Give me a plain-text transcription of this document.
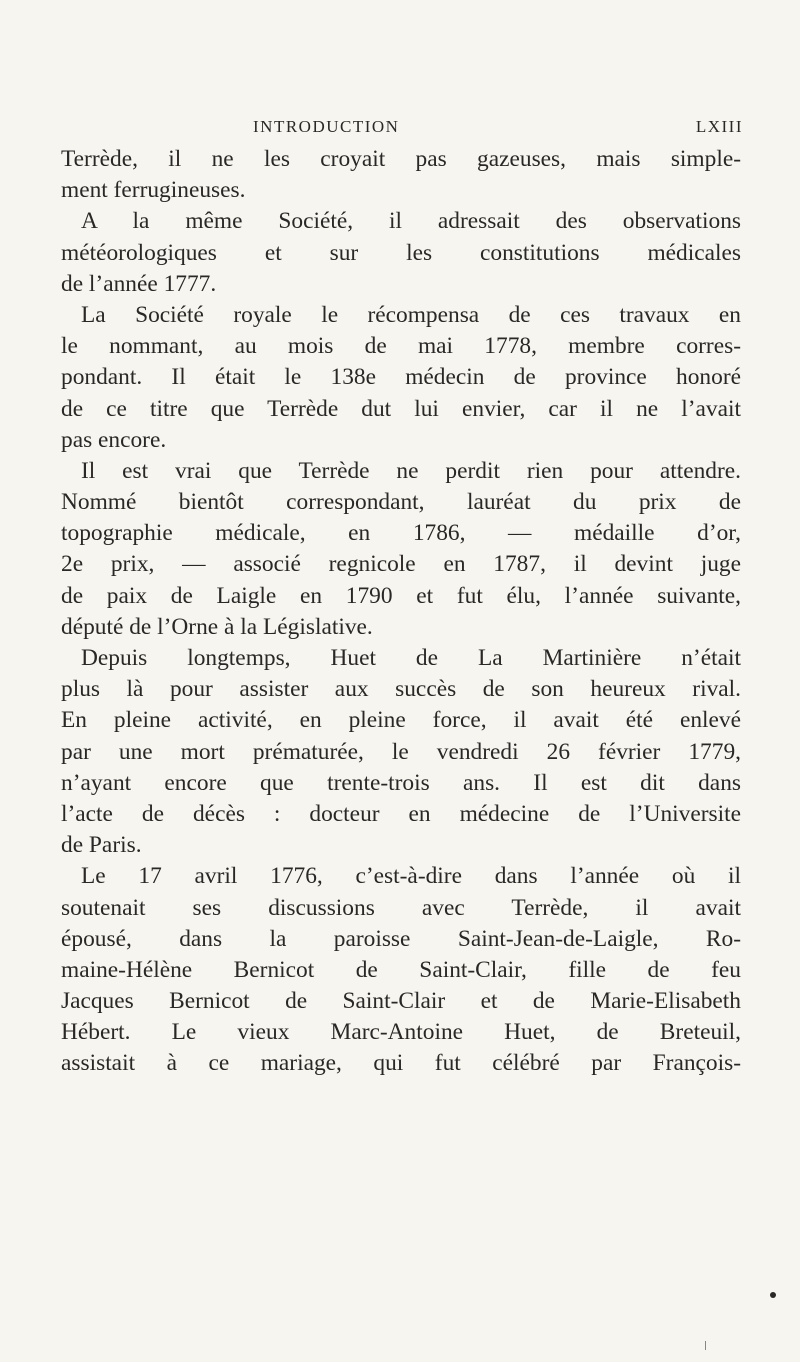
INTRODUCTION	LXIII
Terrède, il ne les croyait pas gazeuses, mais simple-
ment ferrugineuses.
A la même Société, il adressait des observations
météorologiques et sur les constitutions médicales
de l’année 1777.
La Société royale le récompensa de ces travaux en
le nommant, au mois de mai 1778, membre corres-
pondant. Il était le 138e médecin de province honoré
de ce titre que Terrède dut lui envier, car il ne l’avait
pas encore.
Il est vrai que Terrède ne perdit rien pour attendre.
Nommé bientôt correspondant, lauréat du prix de
topographie médicale, en 1786, — médaille d’or,
2e prix, — associé regnicole en 1787, il devint juge
de paix de Laigle en 1790 et fut élu, l’année suivante,
député de l’Orne à la Législative.
Depuis longtemps, Huet de La Martinière n’était
plus là pour assister aux succès de son heureux rival.
En pleine activité, en pleine force, il avait été enlevé
par une mort prématurée, le vendredi 26 février 1779,
n’ayant encore que trente-trois ans. Il est dit dans
l’acte de décès : docteur en médecine de l’Universite
de Paris.
Le 17 avril 1776, c’est-à-dire dans l’année où il
soutenait ses discussions avec Terrède, il avait
épousé, dans la paroisse Saint-Jean-de-Laigle, Ro-
maine-Hélène Bernicot de Saint-Clair, fille de feu
Jacques Bernicot de Saint-Clair et de Marie-Elisabeth
Hébert. Le vieux Marc-Antoine Huet, de Breteuil,
assistait à ce mariage, qui fut célébré par François-
